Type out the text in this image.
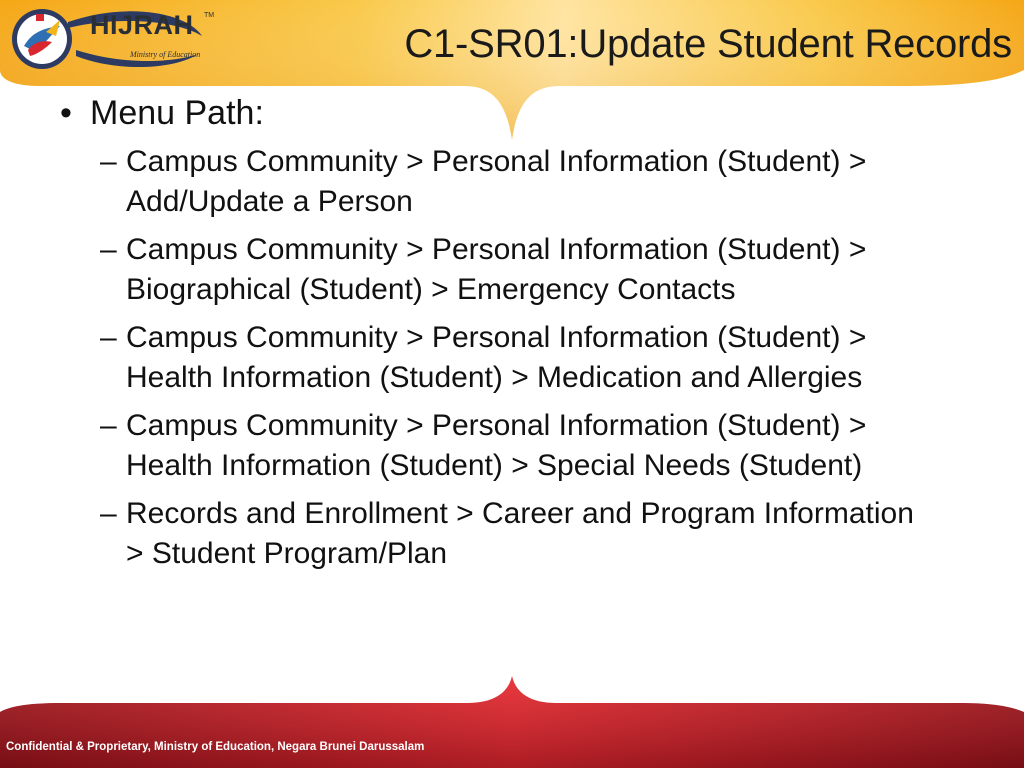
HIJRAH TM
Ministry of Education	C1-SR01:Update Student Records
• Menu Path:
– Campus Community > Personal Information (Student) > Add/Update a Person
– Campus Community > Personal Information (Student) > Biographical (Student) > Emergency Contacts
– Campus Community > Personal Information (Student) > Health Information (Student) > Medication and Allergies
– Campus Community > Personal Information (Student) > Health Information (Student) > Special Needs (Student)
– Records and Enrollment > Career and Program Information > Student Program/Plan
Confidential & Proprietary, Ministry of Education, Negara Brunei Darussalam
